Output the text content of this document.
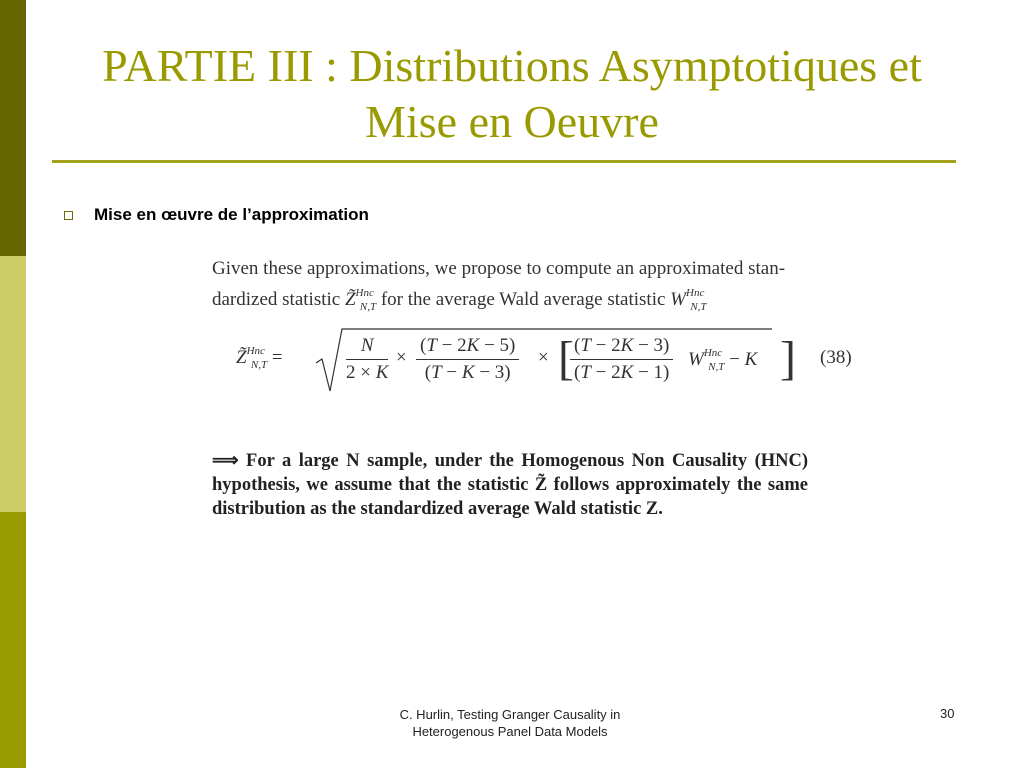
PARTIE III : Distributions Asymptotiques et
Mise en Oeuvre
Mise en œuvre de l’approximation
Given these approximations, we propose to compute an approximated stan-
dardized statistic Z̃$^{Hnc}_{N,T}$ for the average Wald average statistic $W^{Hnc}_{N,T}$
Z̃$^{Hnc}_{N,T}$ =	$\frac{N}{2 \times K} \times \frac{(T - 2K - 5)}{(T - K - 3)}$ × [
$\frac{(T - 2K - 3)}{(T - 2K - 1)} W^{Hnc}_{N,T} - K$ ] (38)
⟹ For a large N sample, under the Homogenous Non Causality (HNC) hypothesis, we assume that the statistic Z̃ follows approximately the same distribution as the standardized average Wald statistic Z.
C. Hurlin, Testing Granger Causality in
Heterogenous Panel Data Models
30
